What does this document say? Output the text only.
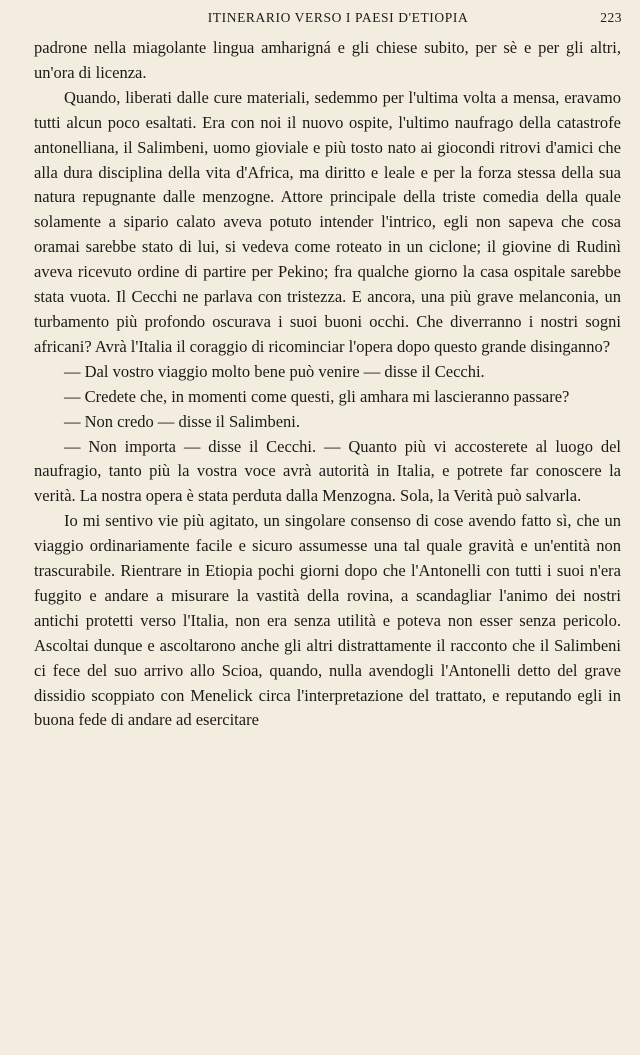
ITINERARIO VERSO I PAESI D'ETIOPIA	223

padrone nella miagolante lingua amharigná e gli chiese subito, per sè e per gli altri, un'ora di licenza.

Quando, liberati dalle cure materiali, sedemmo per l'ultima volta a mensa, eravamo tutti alcun poco esaltati. Era con noi il nuovo ospite, l'ultimo naufrago della catastrofe antonelliana, il Salimbeni, uomo gioviale e più tosto nato ai giocondi ritrovi d'amici che alla dura disciplina della vita d'Africa, ma diritto e leale e per la forza stessa della sua natura repugnante dalle menzogne. Attore principale della triste comedia della quale solamente a sipario calato aveva potuto intender l'intrico, egli non sapeva che cosa oramai sarebbe stato di lui, si vedeva come roteato in un ciclone; il giovine di Rudinì aveva ricevuto ordine di partire per Pekino; fra qualche giorno la casa ospitale sarebbe stata vuota. Il Cecchi ne parlava con tristezza. E ancora, una più grave melanconia, un turbamento più profondo oscurava i suoi buoni occhi. Che diverranno i nostri sogni africani? Avrà l'Italia il coraggio di ricominciar l'opera dopo questo grande disinganno?

— Dal vostro viaggio molto bene può venire — disse il Cecchi.

— Credete che, in momenti come questi, gli amhara mi lascieranno passare?

— Non credo — disse il Salimbeni.

— Non importa — disse il Cecchi. — Quanto più vi accosterete al luogo del naufragio, tanto più la vostra voce avrà autorità in Italia, e potrete far conoscere la verità. La nostra opera è stata perduta dalla Menzogna. Sola, la Verità può salvarla.

Io mi sentivo vie più agitato, un singolare consenso di cose avendo fatto sì, che un viaggio ordinariamente facile e sicuro assumesse una tal quale gravità e un'entità non trascurabile. Rientrare in Etiopia pochi giorni dopo che l'Antonelli con tutti i suoi n'era fuggito e andare a misurare la vastità della rovina, a scandagliar l'animo dei nostri antichi protetti verso l'Italia, non era senza utilità e poteva non esser senza pericolo. Ascoltai dunque e ascoltarono anche gli altri distrattamente il racconto che il Salimbeni ci fece del suo arrivo allo Scioa, quando, nulla avendogli l'Antonelli detto del grave dissidio scoppiato con Menelick circa l'interpretazione del trattato, e reputando egli in buona fede di andare ad esercitare
